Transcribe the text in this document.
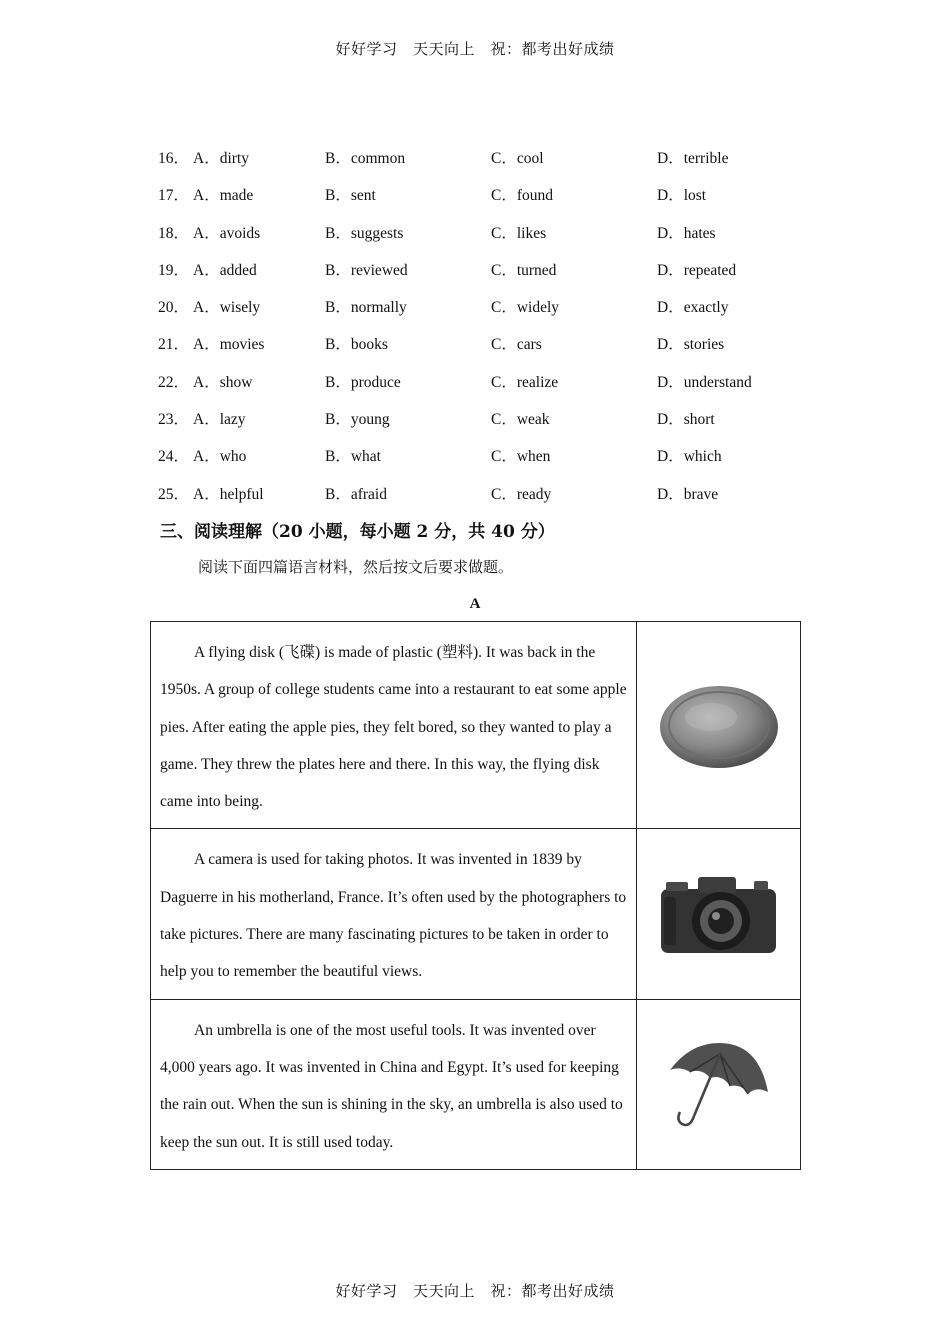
好好学习　天天向上　祝：都考出好成绩
16． A．dirty	B．common	C．cool	D．terrible
17． A．made	B．sent	C．found	D．lost
18． A．avoids	B．suggests	C．likes	D．hates
19． A．added	B．reviewed	C．turned	D．repeated
20． A．wisely	B．normally	C．widely	D．exactly
21． A．movies	B．books	C．cars	D．stories
22． A．show	B．produce	C．realize	D．understand
23． A．lazy	B．young	C．weak	D．short
24． A．who	B．what	C．when	D．which
25． A．helpful	B．afraid	C．ready	D．brave
三、阅读理解（20 小题，每小题 2 分，共 40 分）
阅读下面四篇语言材料，然后按文后要求做题。
A
A flying disk (飞碟) is made of plastic (塑料). It was back in the 1950s. A group of college students came into a restaurant to eat some apple pies. After eating the apple pies, they felt bored, so they wanted to play a game. They threw the plates here and there. In this way, the flying disk came into being.	

A camera is used for taking photos. It was invented in 1839 by Daguerre in his motherland, France. It’s often used by the photographers to take pictures. There are many fascinating pictures to be taken in order to help you to remember the beautiful views.	

An umbrella is one of the most useful tools. It was invented over 4,000 years ago. It was invented in China and Egypt. It’s used for keeping the rain out. When the sun is shining in the sky, an umbrella is also used to keep the sun out. It is still used today.	
好好学习　天天向上　祝：都考出好成绩
